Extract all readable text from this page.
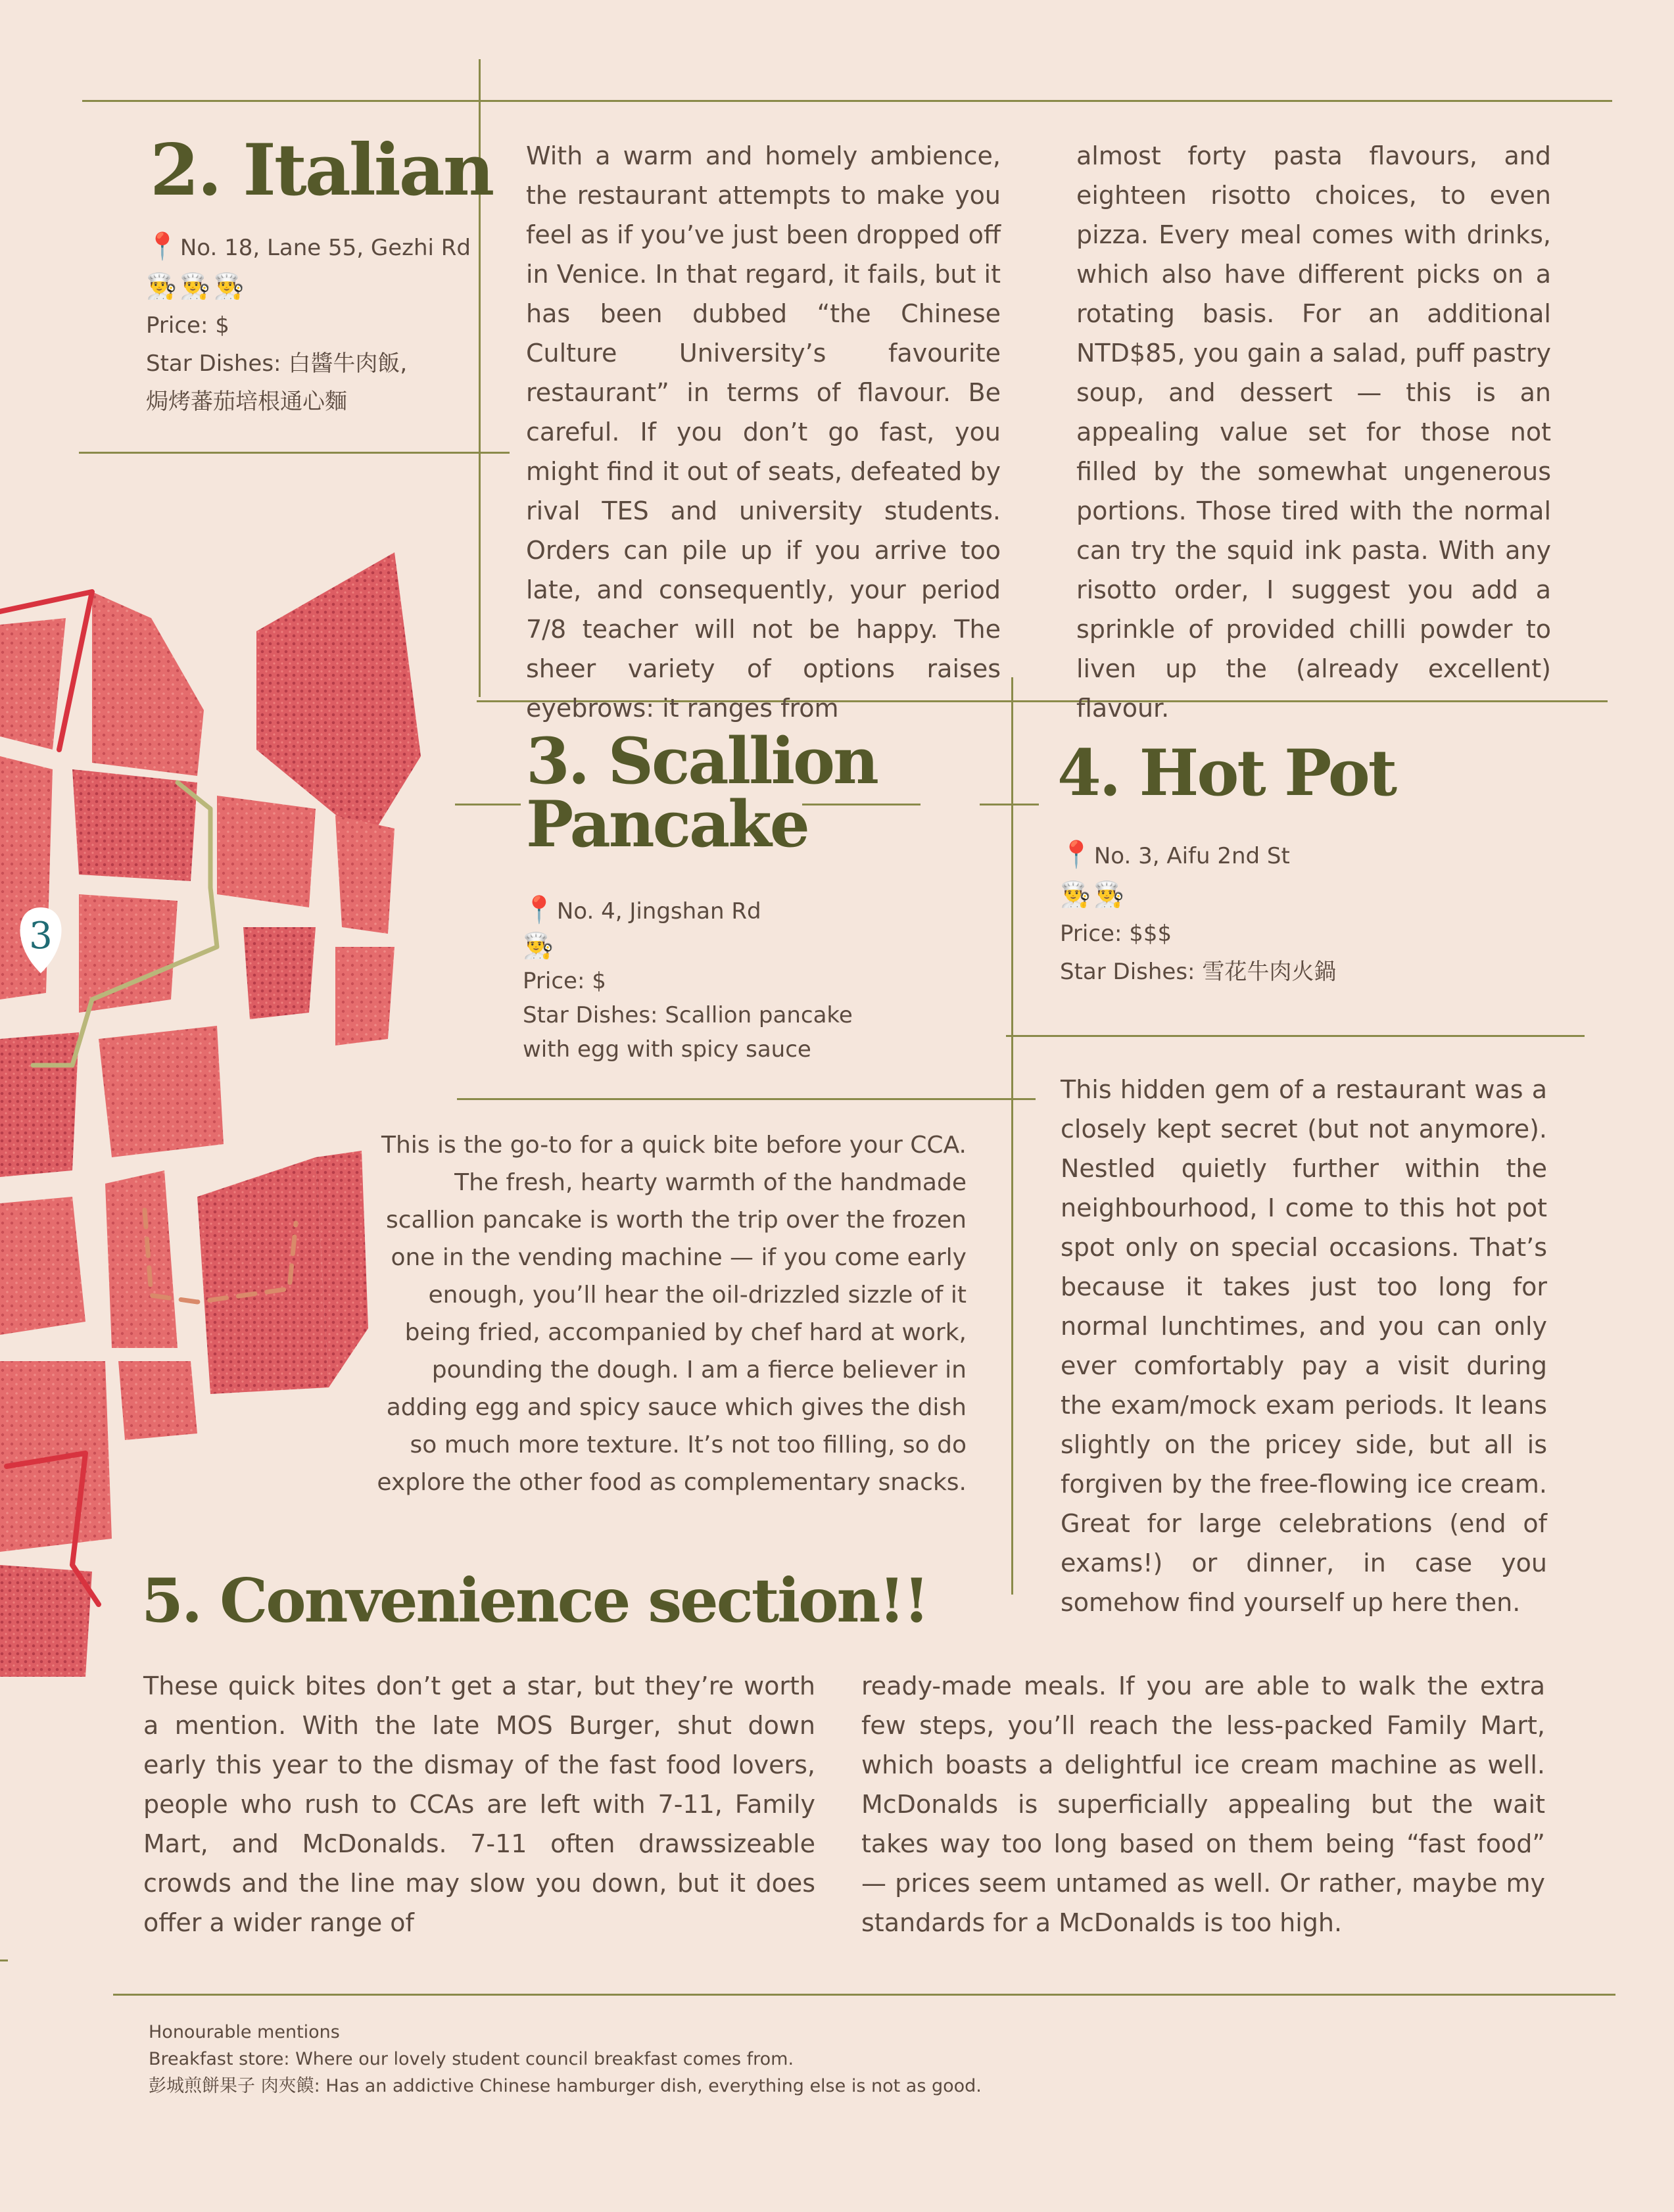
3
2. Italian
📍No. 18, Lane 55, Gezhi Rd
👨‍🍳 👨‍🍳 👨‍🍳
Price: $
Star Dishes: 白醬牛肉飯,
焗烤蕃茄培根通心麵

With a warm and homely ambience, the restaurant attempts to make you feel as if you’ve just been dropped off in Venice. In that regard, it fails, but it has been dubbed “the Chinese Culture University’s favourite restaurant” in terms of flavour. Be careful. If you don’t go fast, you might find it out of seats, defeated by rival TES and university students. Orders can pile up if you arrive too late, and consequently, your period 7/8 teacher will not be happy. The sheer variety of options raises eyebrows: it ranges from

almost forty pasta flavours, and eighteen risotto choices, to even pizza. Every meal comes with drinks, which also have different picks on a rotating basis. For an additional NTD$85, you gain a salad, puff pastry soup, and dessert — this is an appealing value set for those not filled by the somewhat ungenerous portions. Those tired with the normal can try the squid ink pasta. With any risotto order, I suggest you add a sprinkle of provided chilli powder to liven up the (already excellent) flavour.

3. Scallion
Pancake
📍No. 4, Jingshan Rd
👨‍🍳
Price: $
Star Dishes: Scallion pancake
with egg with spicy sauce

This is the go-to for a quick bite before your CCA. The fresh, hearty warmth of the handmade scallion pancake is worth the trip over the frozen one in the vending machine — if you come early enough, you’ll hear the oil-drizzled sizzle of it being fried, accompanied by chef hard at work, pounding the dough. I am a fierce believer in adding egg and spicy sauce which gives the dish so much more texture. It’s not too filling, so do explore the other food as complementary snacks.

4. Hot Pot
📍No. 3, Aifu 2nd St
👨‍🍳 👨‍🍳
Price: $$$
Star Dishes: 雪花牛肉火鍋

This hidden gem of a restaurant was a closely kept secret (but not anymore). Nestled quietly further within the neighbourhood, I come to this hot pot spot only on special occasions. That’s because it takes just too long for normal lunchtimes, and you can only ever comfortably pay a visit during the exam/mock exam periods. It leans slightly on the pricey side, but all is forgiven by the free-flowing ice cream. Great for large celebrations (end of exams!) or dinner, in case you somehow find yourself up here then.

5. Convenience section!!

These quick bites don’t get a star, but they’re worth a mention. With the late MOS Burger, shut down early this year to the dismay of the fast food lovers, people who rush to CCAs are left with 7-11, Family Mart, and McDonalds. 7-11 often drawssizeable crowds and the line may slow you down, but it does offer a wider range of

ready-made meals. If you are able to walk the extra few steps, you’ll reach the less-packed Family Mart, which boasts a delightful ice cream machine as well. McDonalds is superficially appealing but the wait takes way too long based on them being “fast food” — prices seem untamed as well. Or rather, maybe my standards for a McDonalds is too high.

Honourable mentions
Breakfast store: Where our lovely student council breakfast comes from.
彭城煎餅果子 肉夾饃: Has an addictive Chinese hamburger dish, everything else is not as good.
